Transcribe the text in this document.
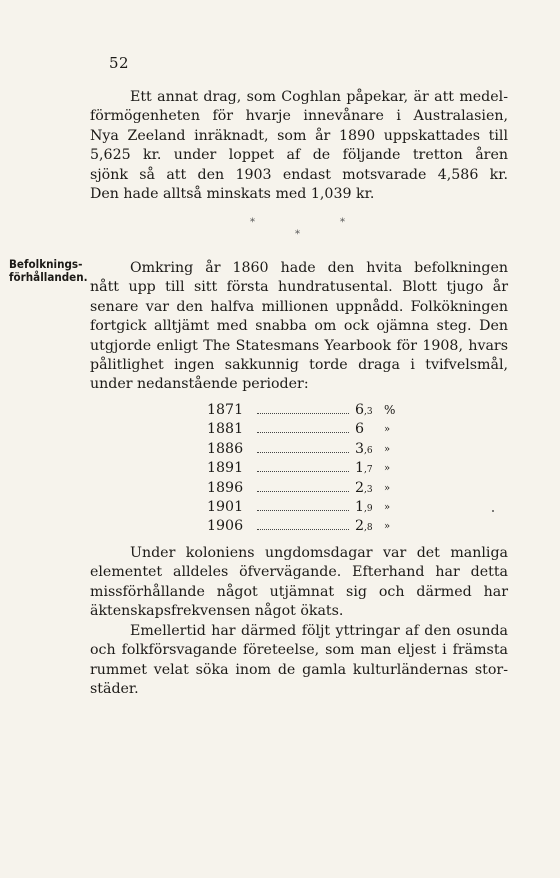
52
Ett annat drag, som Coghlan påpekar, är att medel-
förmögenheten för hvarje innevånare i Australasien,
Nya Zeeland inräknadt, som år 1890 uppskattades till
5,625 kr. under loppet af de följande tretton åren
sjönk så att den 1903 endast motsvarade 4,586 kr.
Den hade alltså minskats med 1,039 kr.
*	*
*
Befolknings-
förhållanden.
Omkring år 1860 hade den hvita befolkningen
nått upp till sitt första hundratusental. Blott tjugo år
senare var den halfva millionen uppnådd. Folkökningen
fortgick alltjämt med snabba om ock ojämna steg. Den
utgjorde enligt The Statesmans Yearbook för 1908, hvars
pålitlighet ingen sakkunnig torde draga i tvifvelsmål,
under nedanstående perioder:
1871	6,3 %
1881	6 »
1886	3,6 »
1891	1,7 »
1896	2,3 »
1901	1,9 »
1906	2,8 »
Under koloniens ungdomsdagar var det manliga
elementet alldeles öfvervägande. Efterhand har detta
missförhållande något utjämnat sig och därmed har
äktenskapsfrekvensen något ökats.
Emellertid har därmed följt yttringar af den osunda
och folkförsvagande företeelse, som man eljest i främsta
rummet velat söka inom de gamla kulturländernas stor-
städer.
